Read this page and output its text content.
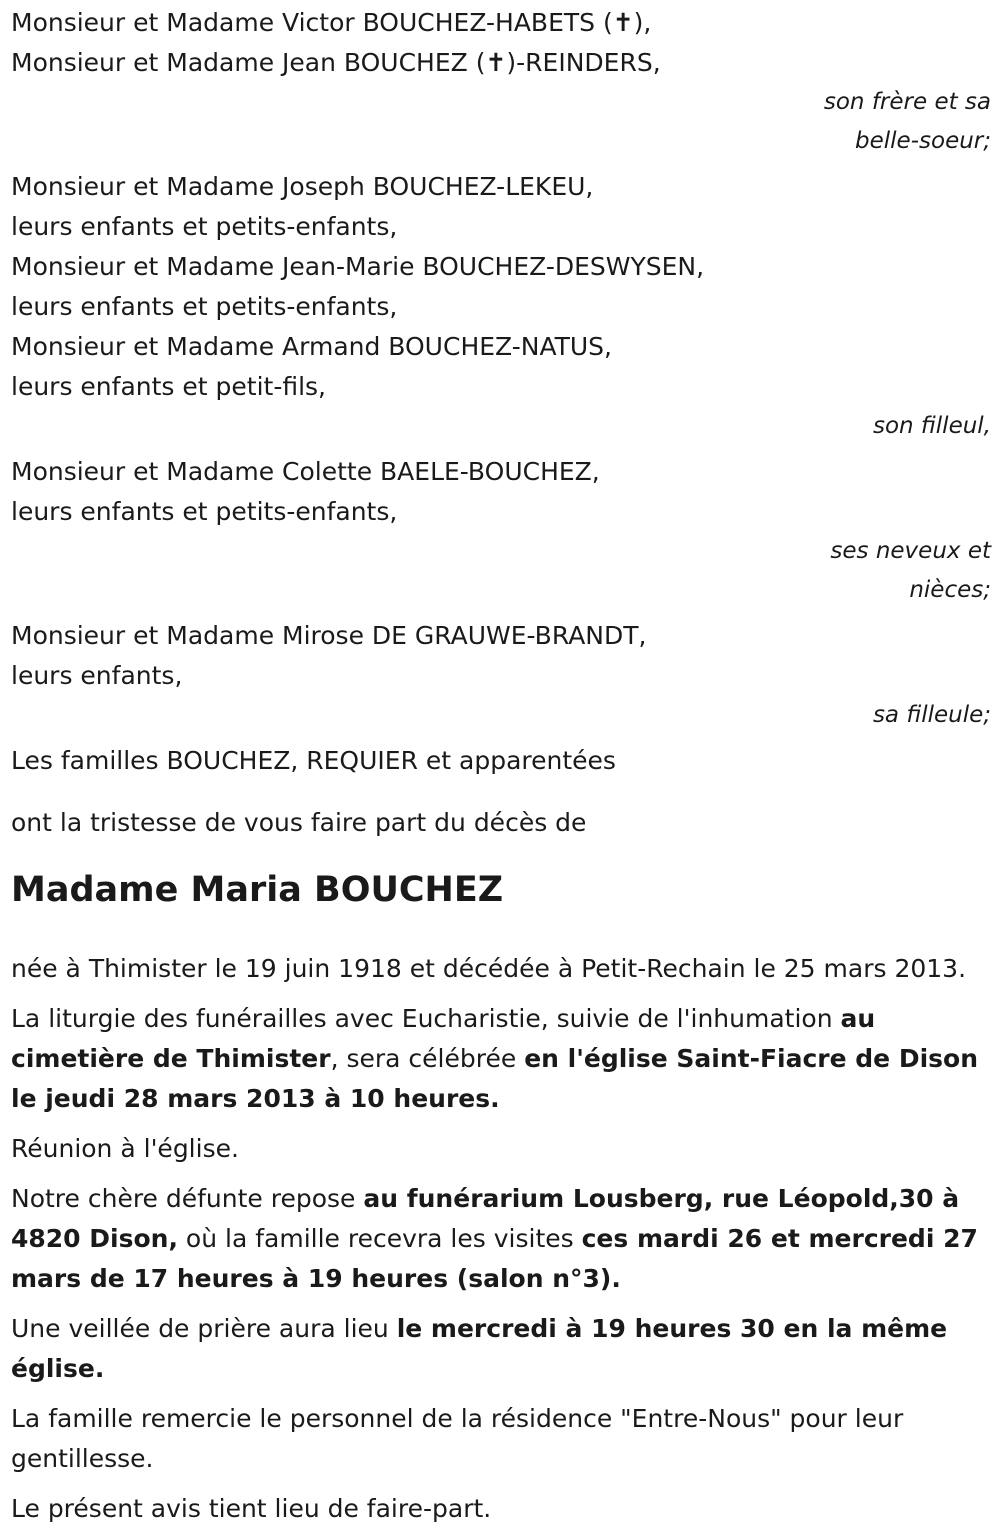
Monsieur et Madame Victor BOUCHEZ-HABETS (✝),
Monsieur et Madame Jean BOUCHEZ (✝)-REINDERS,
son frère et sa
belle-soeur;
Monsieur et Madame Joseph BOUCHEZ-LEKEU,
leurs enfants et petits-enfants,
Monsieur et Madame Jean-Marie BOUCHEZ-DESWYSEN,
leurs enfants et petits-enfants,
Monsieur et Madame Armand BOUCHEZ-NATUS,
leurs enfants et petit-fils,
son filleul,
Monsieur et Madame Colette BAELE-BOUCHEZ,
leurs enfants et petits-enfants,
ses neveux et
nièces;
Monsieur et Madame Mirose DE GRAUWE-BRANDT,
leurs enfants,
sa filleule;
Les familles BOUCHEZ, REQUIER et apparentées
ont la tristesse de vous faire part du décès de
Madame Maria BOUCHEZ

née à Thimister le 19 juin 1918 et décédée à Petit-Rechain le 25 mars 2013.

La liturgie des funérailles avec Eucharistie, suivie de l'inhumation au cimetière de Thimister, sera célébrée en l'église Saint-Fiacre de Dison le jeudi 28 mars 2013 à 10 heures.

Réunion à l'église.

Notre chère défunte repose au funérarium Lousberg, rue Léopold,30 à 4820 Dison, où la famille recevra les visites ces mardi 26 et mercredi 27 mars de 17 heures à 19 heures (salon n°3).

Une veillée de prière aura lieu le mercredi à 19 heures 30 en la même église.

La famille remercie le personnel de la résidence "Entre-Nous" pour leur gentillesse.

Le présent avis tient lieu de faire-part.
